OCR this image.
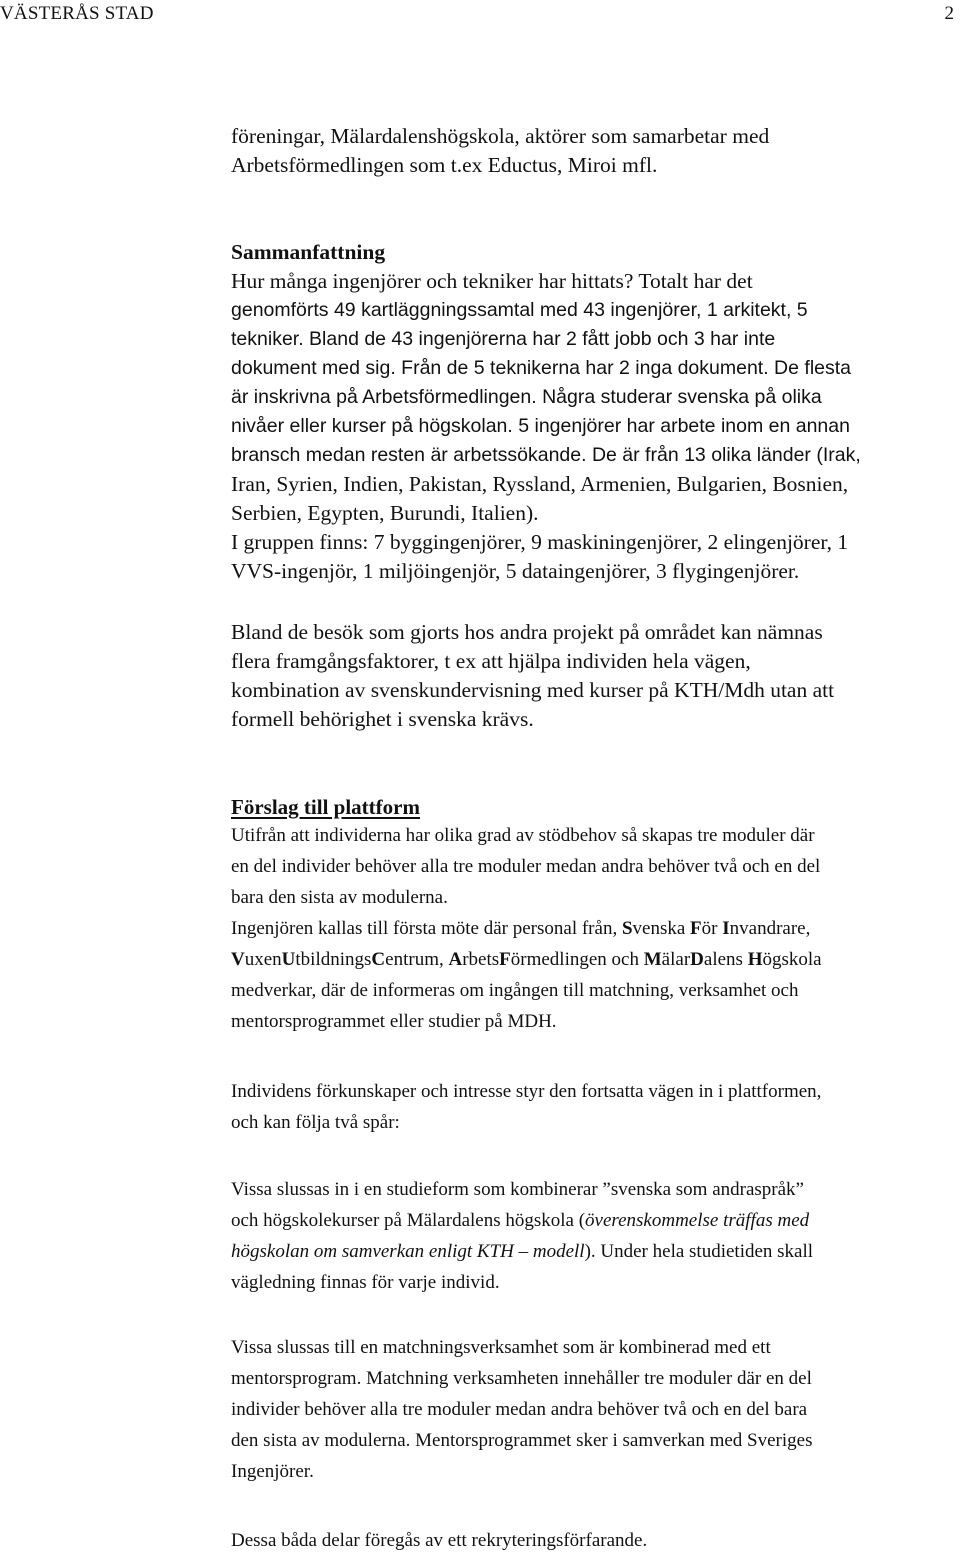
VÄSTERÅS STAD	2
föreningar, Mälardalenshögskola, aktörer som samarbetar med
Arbetsförmedlingen som t.ex Eductus, Miroi mfl.
Sammanfattning
Hur många ingenjörer och tekniker har hittats? Totalt har det
genomförts 49 kartläggningssamtal med 43 ingenjörer, 1 arkitekt, 5
tekniker. Bland de 43 ingenjörerna har 2 fått jobb och 3 har inte
dokument med sig. Från de 5 teknikerna har 2 inga dokument. De flesta
är inskrivna på Arbetsförmedlingen. Några studerar svenska på olika
nivåer eller kurser på högskolan. 5 ingenjörer har arbete inom en annan
bransch medan resten är arbetssökande. De är från 13 olika länder (Irak,
Iran, Syrien, Indien, Pakistan, Ryssland, Armenien, Bulgarien, Bosnien,
Serbien, Egypten, Burundi, Italien).
I gruppen finns: 7 byggingenjörer, 9 maskiningenjörer, 2 elingenjörer, 1
VVS-ingenjör, 1 miljöingenjör, 5 dataingenjörer, 3 flygingenjörer.
Bland de besök som gjorts hos andra projekt på området kan nämnas
flera framgångsfaktorer, t ex att hjälpa individen hela vägen,
kombination av svenskundervisning med kurser på KTH/Mdh utan att
formell behörighet i svenska krävs.
Förslag till plattform
Utifrån att individerna har olika grad av stödbehov så skapas tre moduler där
en del individer behöver alla tre moduler medan andra behöver två och en del
bara den sista av modulerna.
Ingenjören kallas till första möte där personal från, Svenska För Invandrare,
VuxenUtbildningsCentrum, ArbetsFörmedlingen och MälarDalens Högskola
medverkar, där de informeras om ingången till matchning, verksamhet och
mentorsprogrammet eller studier på MDH.
Individens förkunskaper och intresse styr den fortsatta vägen in i plattformen,
och kan följa två spår:
Vissa slussas in i en studieform som kombinerar ”svenska som andraspråk”
och högskolekurser på Mälardalens högskola (överenskommelse träffas med
högskolan om samverkan enligt KTH – modell). Under hela studietiden skall
vägledning finnas för varje individ.
Vissa slussas till en matchningsverksamhet som är kombinerad med ett
mentorsprogram. Matchning verksamheten innehåller tre moduler där en del
individer behöver alla tre moduler medan andra behöver två och en del bara
den sista av modulerna. Mentorsprogrammet sker i samverkan med Sveriges
Ingenjörer.
Dessa båda delar föregås av ett rekryteringsförfarande.
